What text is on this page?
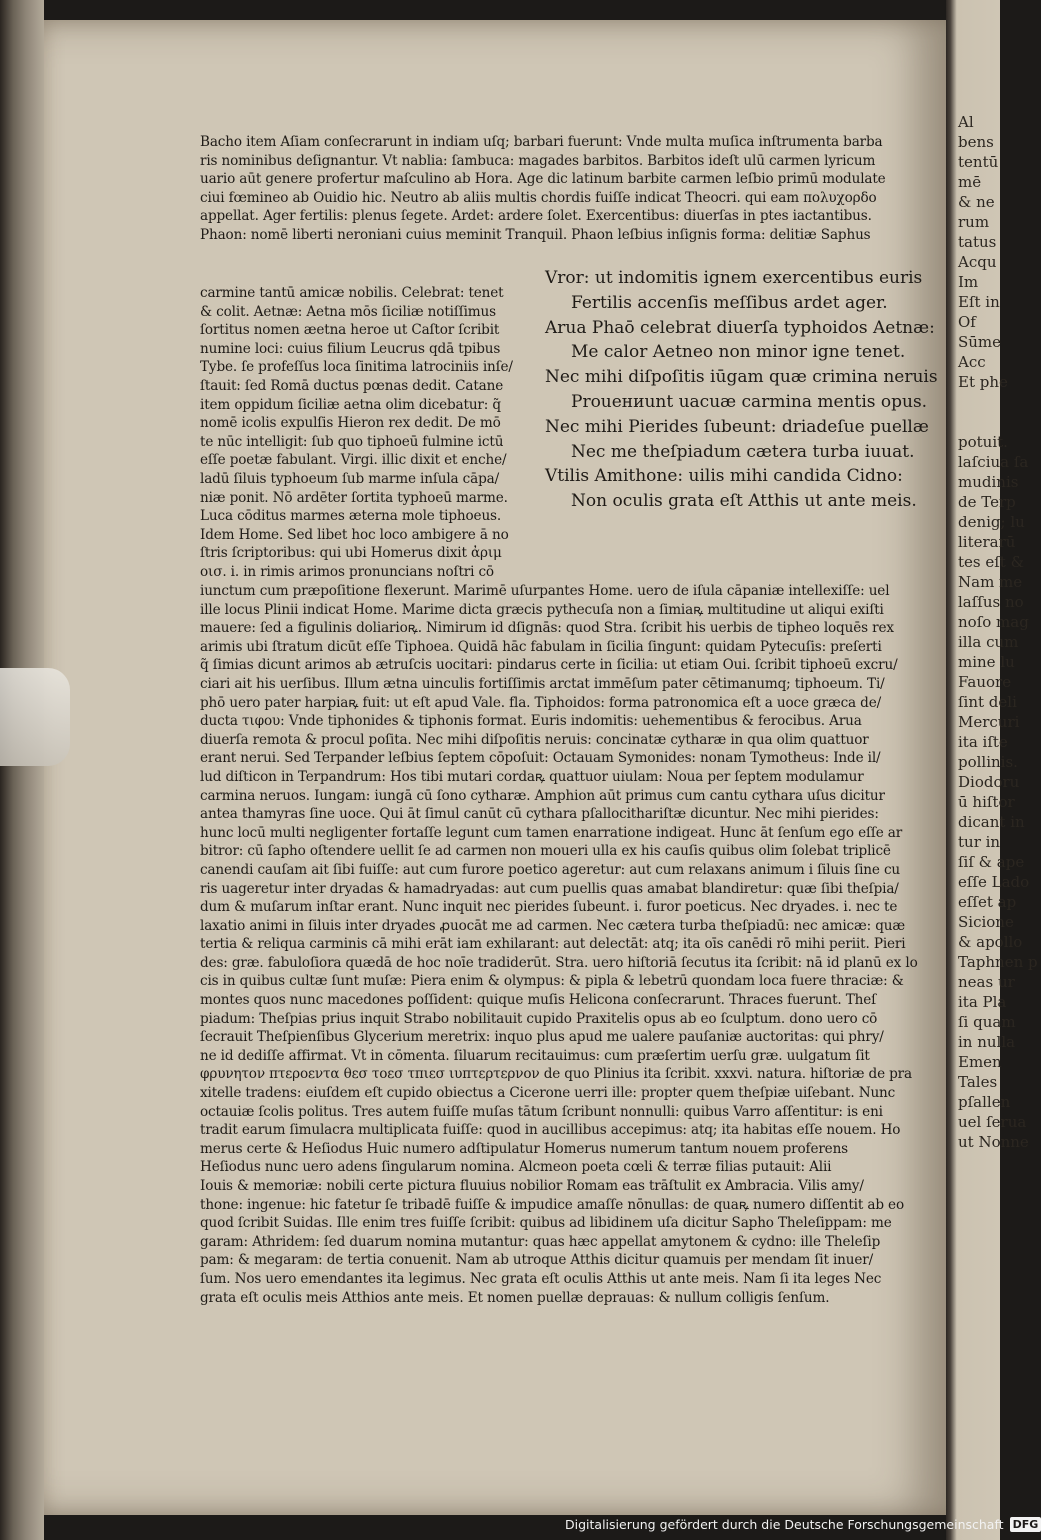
Bacho item Aſiam conſecrarunt in indiam uſq; barbari fuerunt: Vnde multa muſica inſtrumenta barba
ris nominibus deſignantur. Vt nablia: ſambuca: magades barbitos. Barbitos ideſt ulū carmen lyricum
uario aūt genere profertur maſculino ab Hora. Age dic latinum barbite carmen leſbio primū modulate
ciui fœmineo ab Ouidio hic. Neutro ab aliis multis chordis fuiſſe indicat Theocri. qui eam πολυχορδο
appellat. Ager fertilis: plenus ſegete. Ardet: ardere ſolet. Exercentibus: diuerſas in ptes iactantibus.
Phaon: nomē liberti neroniani cuius meminit Tranquil. Phaon leſbius inſignis forma: delitiæ Saphus
carmine tantū amicæ nobilis. Celebrat: tenet
& colit. Aetnæ: Aetna mōs ſiciliæ notiſſimus
ſortitus nomen æetna heroe ut Caſtor ſcribit
numine loci: cuius filium Leucrus qdā tpibus
Tybe. ſe profeſſus loca ſinitima latrociniis inſe/
ſtauit: ſed Romā ductus pœnas dedit. Catane
item oppidum ſiciliæ aetna olim dicebatur: q̃
nomē icolis expulſis Hieron rex dedit. De mō
te nūc intelligit: ſub quo tiphoeū fulmine ictū
eſſe poetæ fabulant. Virgi. illic dixit et enche/
ladū ſiluis typhoeum ſub marme inſula cāpa/
niæ ponit. Nō ardēter ſortita typhoeū marme.
Luca cōditus marmes æterna mole tiphoeus.
Idem Home. Sed libet hoc loco ambigere ā no
ſtris ſcriptoribus: qui ubi Homerus dixit ἀριμ
οισ. i. in rimis arimos pronuncians noſtri cō
Vror: ut indomitis ignem exercentibus euris
Fertilis accenſis meſſibus ardet ager.
Arua Phaō celebrat diuerſa typhoidos Aetnæ:
Me calor Aetneo non minor igne tenet.
Nec mihi diſpoſitis iūgam quæ crimina neruis
Prouениunt uacuæ carmina mentis opus.
Nec mihi Pierides ſubeunt: driadeſue puellæ
Nec me theſpiadum cætera turba iuuat.
Vtilis Amithone: uilis mihi candida Cidno:
Non oculis grata eſt Atthis ut ante meis.
iunctum cum præpoſitione flexerunt. Marimē uſurpantes Home. uero de iſula cāpaniæ intellexiſſe: uel
ille locus Plinii indicat Home. Marime dicta græcis pythecuſa non a ſimiaꝶ multitudine ut aliqui exiſti
mauere: ſed a figulinis doliarioꝶ. Nimirum id dſignās: quod Stra. ſcribit his uerbis de tipheo loquēs rex
arimis ubi ſtratum dicūt eſſe Tiphoea. Quidā hāc fabulam in ſicilia ſingunt: quidam Pytecuſis: preſerti
q̃ ſimias dicunt arimos ab ætruſcis uocitari: pindarus certe in ſicilia: ut etiam Oui. ſcribit tiphoeū excru/
ciari ait his uerſibus. Illum ætna uinculis fortiſſimis arctat immēſum pater cētimanumq; tiphoeum. Ti/
phō uero pater harpiaꝶ fuit: ut eſt apud Vale. fla. Tiphoidos: forma patronomica eſt a uoce græca de/
ducta τιφου: Vnde tiphonides & tiphonis format. Euris indomitis: uehementibus & ferocibus. Arua
diuerſa remota & procul poſita. Nec mihi diſpoſitis neruis: concinatæ cytharæ in qua olim quattuor
erant nerui. Sed Terpander leſbius ſeptem cōpoſuit: Octauam Symonides: nonam Tymotheus: Inde il/
lud diſticon in Terpandrum: Hos tibi mutari cordaꝶ quattuor uiulam: Noua per ſeptem modulamur
carmina neruos. Iungam: iungā cū ſono cytharæ. Amphion aūt primus cum cantu cythara uſus dicitur
antea thamyras ſine uoce. Qui āt ſimul canūt cū cythara pſallocithariſtæ dicuntur. Nec mihi pierides:
hunc locū multi negligenter fortaſſe legunt cum tamen enarratione indigeat. Hunc āt ſenſum ego eſſe ar
bitror: cū ſapho oſtendere uellit ſe ad carmen non moueri ulla ex his cauſis quibus olim ſolebat triplicē
canendi cauſam ait ſibi fuiſſe: aut cum furore poetico ageretur: aut cum relaxans animum i ſiluis ſine cu
ris uageretur inter dryadas & hamadryadas: aut cum puellis quas amabat blandiretur: quæ ſibi theſpia/
dum & muſarum inſtar erant. Nunc inquit nec pierides ſubeunt. i. furor poeticus. Nec dryades. i. nec te
laxatio animi in ſiluis inter dryades ꝓuocāt me ad carmen. Nec cætera turba theſpiadū: nec amicæ: quæ
tertia & reliqua carminis cā mihi erāt iam exhilarant: aut delectāt: atq; ita oīs canēdi rō mihi periit. Pieri
des: græ. fabuloſiora quædā de hoc noīe tradiderūt. Stra. uero hiſtoriā ſecutus ita ſcribit: nā id planū ex lo
cis in quibus cultæ ſunt muſæ: Piera enim & olympus: & pipla & lebetrū quondam loca fuere thraciæ: &
montes quos nunc macedones poſſident: quique muſis Helicona conſecrarunt. Thraces fuerunt. Theſ
piadum: Theſpias prius inquit Strabo nobilitauit cupido Praxitelis opus ab eo ſculptum. dono uero cō
ſecrauit Theſpienſibus Glycerium meretrix: inquo plus apud me ualere pauſaniæ auctoritas: qui phry/
ne id dediſſe affirmat. Vt in cōmenta. ſiluarum recitauimus: cum præſertim uerſu græ. uulgatum ſit
φρυνητον πτεροεντα θεσ τοεσ τπιεσ ιυπτερτερνον de quo Plinius ita ſcribit. xxxvi. natura. hiſtoriæ de pra
xitelle tradens: eiuſdem eſt cupido obiectus a Cicerone uerri ille: propter quem theſpiæ uiſebant. Nunc
octauiæ ſcolis politus. Tres autem fuiſſe muſas tātum ſcribunt nonnulli: quibus Varro aſſentitur: is eni
tradit earum ſimulacra multiplicata fuiſſe: quod in aucillibus accepimus: atq; ita habitas eſſe nouem. Ho
merus certe & Heſiodus Huic numero adſtipulatur Homerus numerum tantum nouem proferens
Heſiodus nunc uero adens ſingularum nomina. Alcmeon poeta cœli & terræ filias putauit: Alii
Iouis & memoriæ: nobili certe pictura fluuius nobilior Romam eas trāſtulit ex Ambracia. Vilis amy/
thone: ingenue: hic fatetur ſe tribadē fuiſſe & impudice amaſſe nōnullas: de quaꝶ numero diſſentit ab eo
quod ſcribit Suidas. Ille enim tres fuiſſe ſcribit: quibus ad libidinem uſa dicitur Sapho Theleſippam: me
garam: Athridem: ſed duarum nomina mutantur: quas hæc appellat amytonem & cydno: ille Theleſip
pam: & megaram: de tertia conuenit. Nam ab utroque Atthis dicitur quamuis per mendam ſit inuer/
ſum. Nos uero emendantes ita legimus. Nec grata eſt oculis Atthis ut ante meis. Nam ſi ita leges Nec
grata eſt oculis meis Atthios ante meis. Et nomen puellæ deprauas: & nullum colligis ſenſum.
Al
bens
tentū
mē
& ne
rum
tatus
Acqu
Im
Eſt in
Of
Sūme
Acc
Et phe
potuit.
laſciua ſa
mudinis
de Terp
denig; lu
literarū
tes eſt &
Nam me
laſſus no
noſo mag
illa cum
mine lu
Fauore
ſint deli
Mercuri
ita iſte
pollinis.
Diodoru
ū hiſtor
dicant in
tur in
ſiſ & ape
eſſe Lado
eſſet ap
Sicione
& apollo
Taphnen p
neas ur
ita Pla
ſi quam
in nulla
Emen
Tales
pſallen
uel ſerua
ut Nonne
Digitalisierung gefördert durch die Deutsche Forschungsgemeinschaft DFG
